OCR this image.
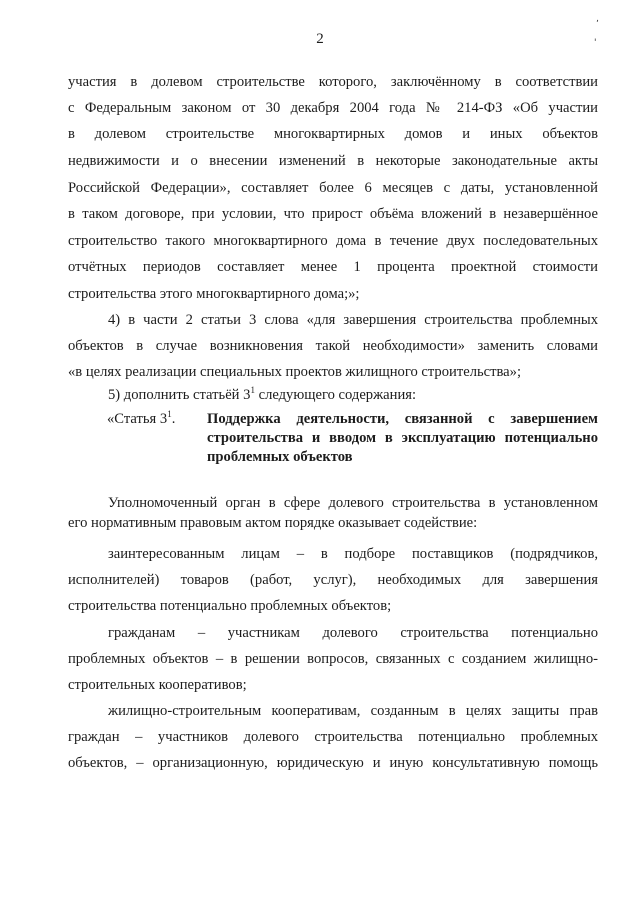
2
‚
'
участия в долевом строительстве которого, заключённому в соответствии
с Федеральным законом от 30 декабря 2004 года № 214-ФЗ «Об участии
в долевом строительстве многоквартирных домов и иных объектов
недвижимости и о внесении изменений в некоторые законодательные акты
Российской Федерации», составляет более 6 месяцев с даты, установленной
в таком договоре, при условии, что прирост объёма вложений в незавершённое
строительство такого многоквартирного дома в течение двух последовательных
отчётных периодов составляет менее 1 процента проектной стоимости
строительства этого многоквартирного дома;»;
4) в части 2 статьи 3 слова «для завершения строительства проблемных
объектов в случае возникновения такой необходимости» заменить словами
«в целях реализации специальных проектов жилищного строительства»;
5) дополнить статьёй $3^1$ следующего содержания:
«Статья $3^1$. Поддержка деятельности, связанной с завершением
строительства и вводом в эксплуатацию потенциально
проблемных объектов
Уполномоченный орган в сфере долевого строительства в установленном
его нормативным правовым актом порядке оказывает содействие:
заинтересованным лицам – в подборе поставщиков (подрядчиков,
исполнителей) товаров (работ, услуг), необходимых для завершения
строительства потенциально проблемных объектов;
гражданам – участникам долевого строительства потенциально
проблемных объектов – в решении вопросов, связанных с созданием жилищно-
строительных кооперативов;
жилищно-строительным кооперативам, созданным в целях защиты прав
граждан – участников долевого строительства потенциально проблемных
объектов, – организационную, юридическую и иную консультативную помощь
